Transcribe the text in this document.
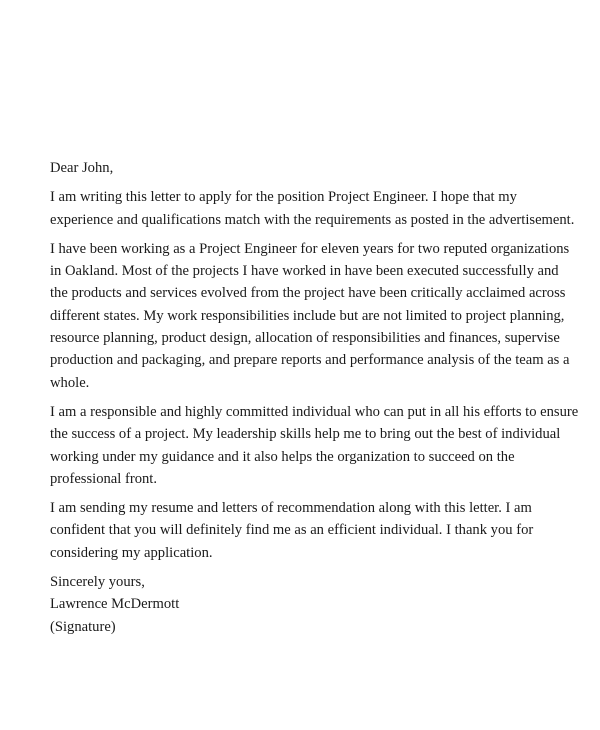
Dear John,

I am writing this letter to apply for the position Project Engineer. I hope that my experience and qualifications match with the requirements as posted in the advertisement.

I have been working as a Project Engineer for eleven years for two reputed organizations in Oakland. Most of the projects I have worked in have been executed successfully and the products and services evolved from the project have been critically acclaimed across different states. My work responsibilities include but are not limited to project planning, resource planning, product design, allocation of responsibilities and finances, supervise production and packaging, and prepare reports and performance analysis of the team as a whole.

I am a responsible and highly committed individual who can put in all his efforts to ensure the success of a project. My leadership skills help me to bring out the best of individual working under my guidance and it also helps the organization to succeed on the professional front.

I am sending my resume and letters of recommendation along with this letter. I am confident that you will definitely find me as an efficient individual. I thank you for considering my application.

Sincerely yours,
Lawrence McDermott
(Signature)
